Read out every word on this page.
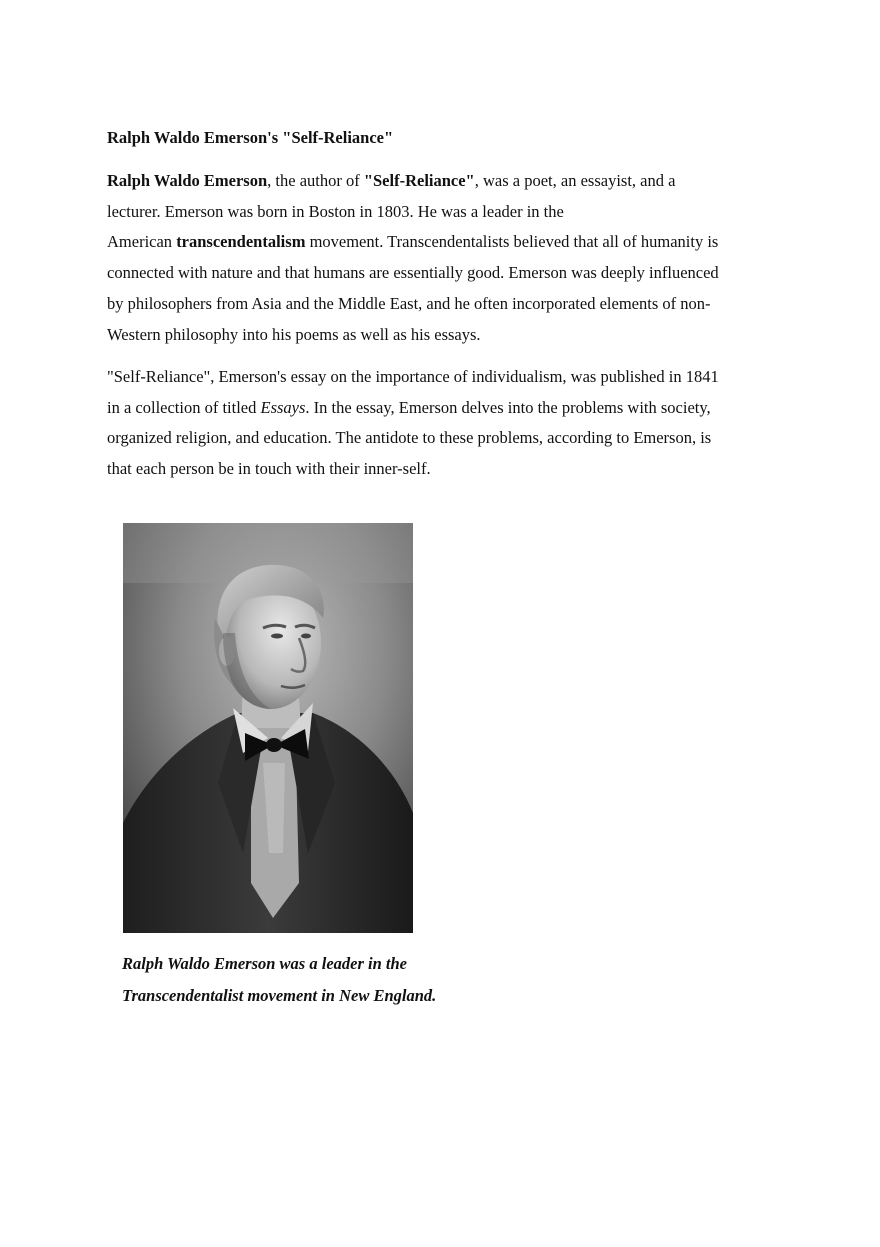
Ralph Waldo Emerson's "Self-Reliance"

Ralph Waldo Emerson, the author of "Self-Reliance", was a poet, an essayist, and a
lecturer. Emerson was born in Boston in 1803. He was a leader in the
American transcendentalism movement. Transcendentalists believed that all of humanity is
connected with nature and that humans are essentially good. Emerson was deeply influenced
by philosophers from Asia and the Middle East, and he often incorporated elements of non-
Western philosophy into his poems as well as his essays.

"Self-Reliance", Emerson's essay on the importance of individualism, was published in 1841
in a collection of titled Essays. In the essay, Emerson delves into the problems with society,
organized religion, and education. The antidote to these problems, according to Emerson, is
that each person be in touch with their inner-self.

Ralph Waldo Emerson was a leader in the
Transcendentalist movement in New England.
